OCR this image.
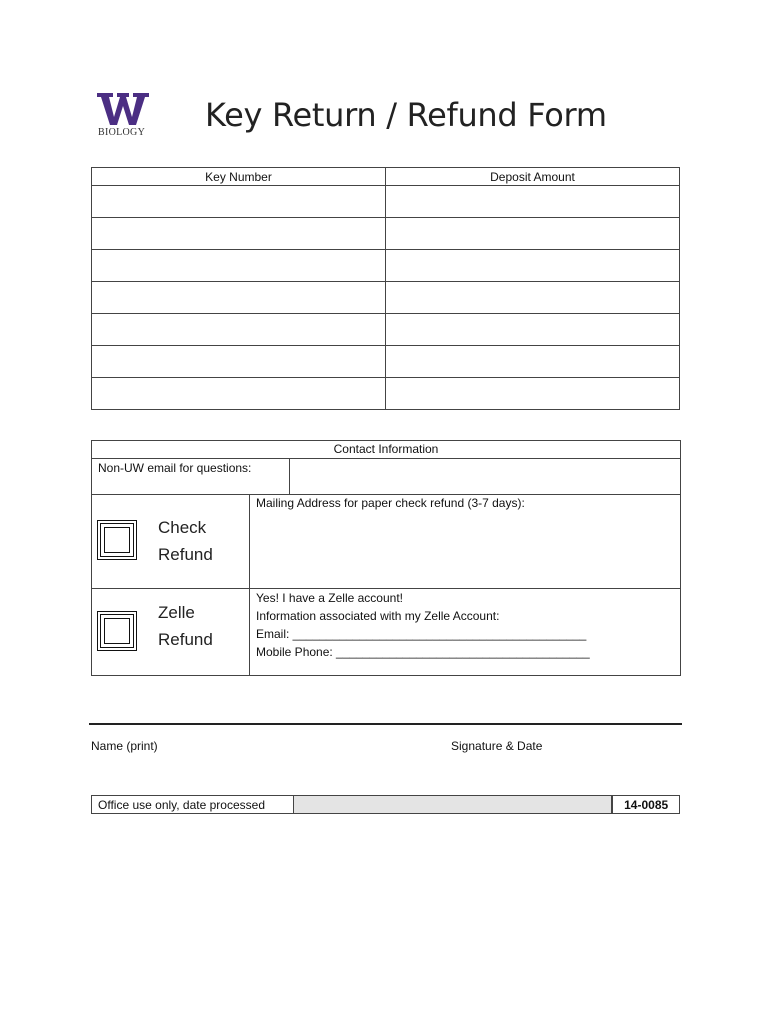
BIOLOGY Key Return / Refund Form
Key Number	Deposit Amount

Contact Information
Non-UW email for questions:
Check
Refund
Mailing Address for paper check refund (3-7 days):
Zelle
Refund
Yes! I have a Zelle account!
Information associated with my Zelle Account:
Email: ____________________________________________
Mobile Phone: ______________________________________
Name (print)	Signature & Date
Office use only, date processed			14-0085
